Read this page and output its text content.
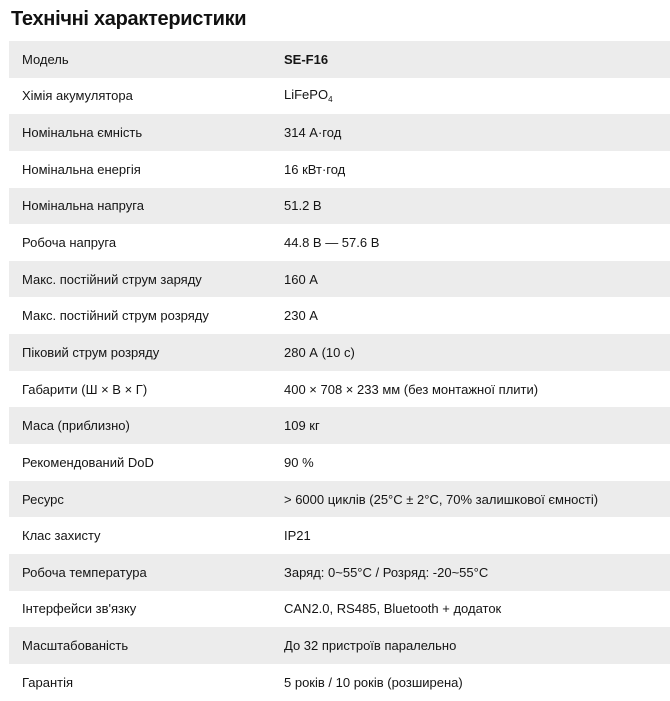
Технічні характеристики
Модель	SE-F16
Хімія акумулятора	LiFePO$_4$
Номінальна ємність	314 А·год
Номінальна енергія	16 кВт·год
Номінальна напруга	51.2 В
Робоча напруга	44.8 В — 57.6 В
Макс. постійний струм заряду	160 А
Макс. постійний струм розряду	230 А
Піковий струм розряду	280 А (10 с)
Габарити (Ш × В × Г)	400 × 708 × 233 мм (без монтажної плити)
Маса (приблизно)	109 кг
Рекомендований DoD	90 %
Ресурс	> 6000 циклів (25°C ± 2°C, 70% залишкової ємності)
Клас захисту	IP21
Робоча температура	Заряд: 0~55°C / Розряд: -20~55°C
Інтерфейси зв'язку	CAN2.0, RS485, Bluetooth + додаток
Масштабованість	До 32 пристроїв паралельно
Гарантія	5 років / 10 років (розширена)
